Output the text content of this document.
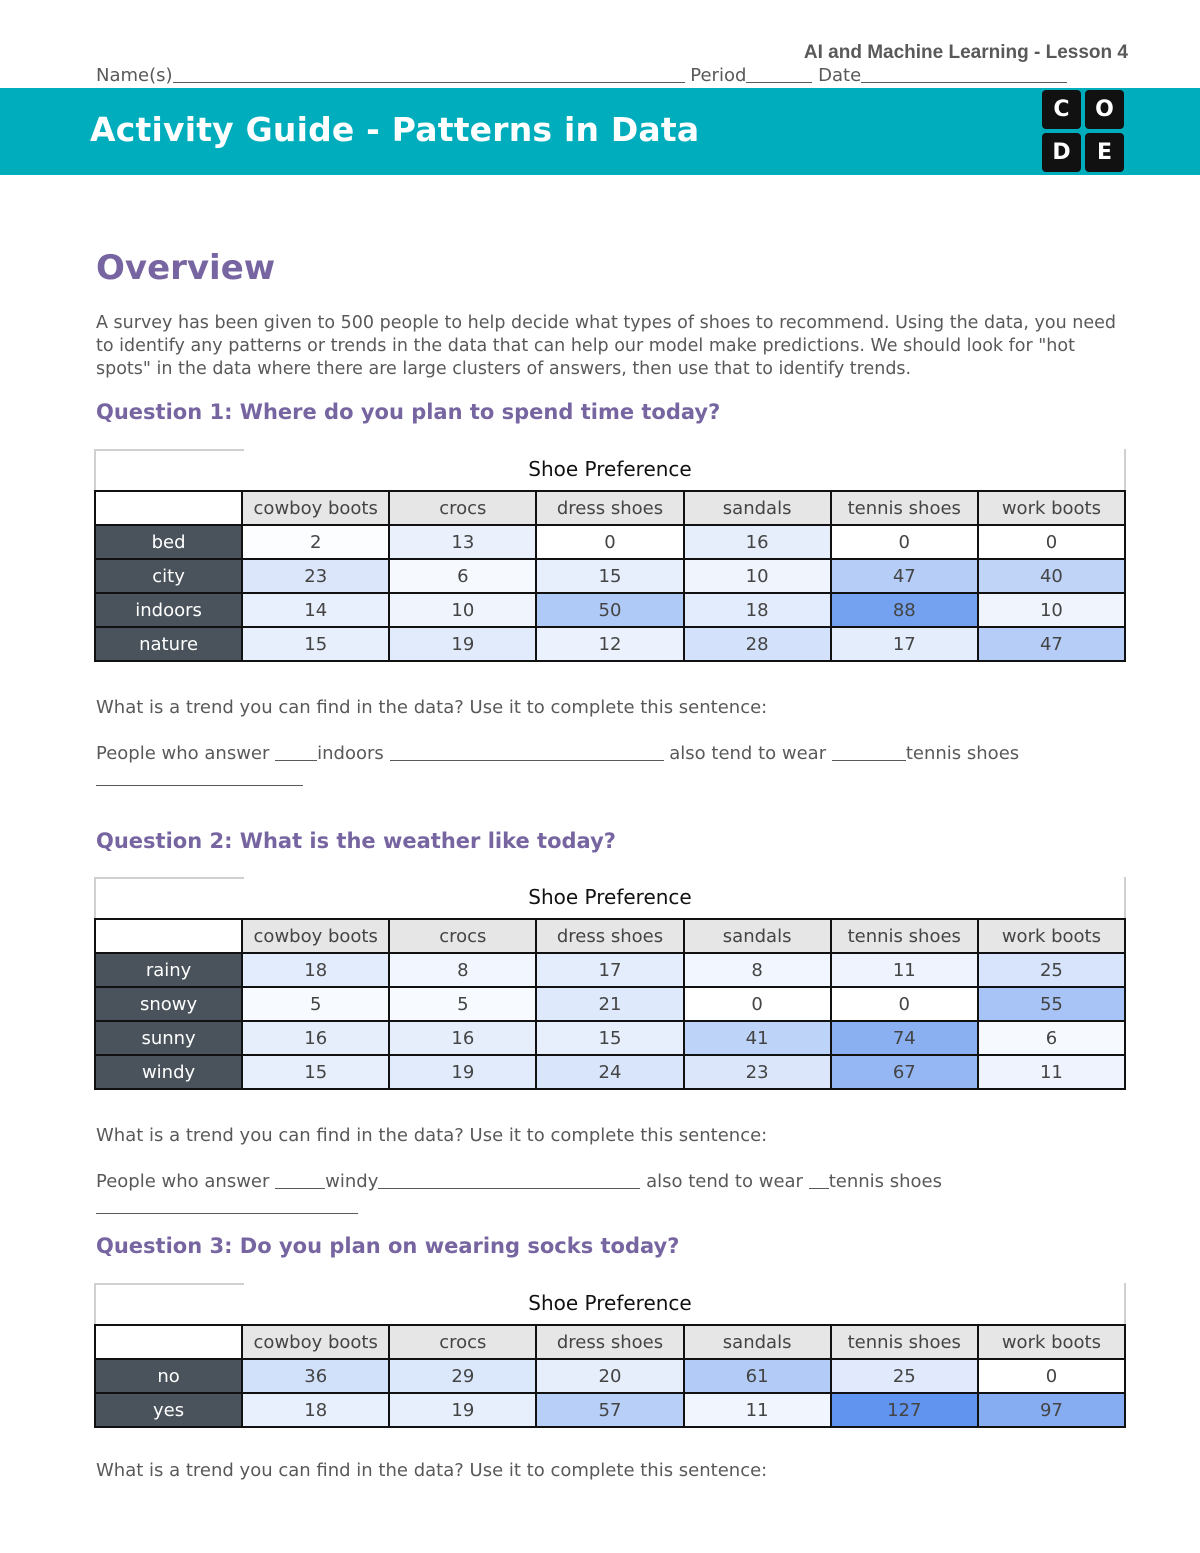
AI and Machine Learning - Lesson 4
Name(s)	Period	Date
Activity Guide - Patterns in Data
C	O
D	E
Overview
A survey has been given to 500 people to help decide what types of shoes to recommend. Using the data, you need to identify any patterns or trends in the data that can help our model make predictions. We should look for "hot spots" in the data where there are large clusters of answers, then use that to identify trends.
Question 1: Where do you plan to spend time today?
Shoe Preference
	cowboy boots	crocs	dress shoes	sandals	tennis shoes	work boots
bed	2	13	0	16	0	0
city	23	6	15	10	47	40
indoors	14	10	50	18	88	10
nature	15	19	12	28	17	47
What is a trend you can find in the data? Use it to complete this sentence:
People who answer	indoors	also tend to wear	tennis shoes
Question 2: What is the weather like today?
Shoe Preference
	cowboy boots	crocs	dress shoes	sandals	tennis shoes	work boots
rainy	18	8	17	8	11	25
snowy	5	5	21	0	0	55
sunny	16	16	15	41	74	6
windy	15	19	24	23	67	11
What is a trend you can find in the data? Use it to complete this sentence:
People who answer	windy	also tend to wear tennis shoes
Question 3: Do you plan on wearing socks today?
Shoe Preference
	cowboy boots	crocs	dress shoes	sandals	tennis shoes	work boots
no	36	29	20	61	25	0
yes	18	19	57	11	127	97
What is a trend you can find in the data? Use it to complete this sentence:
